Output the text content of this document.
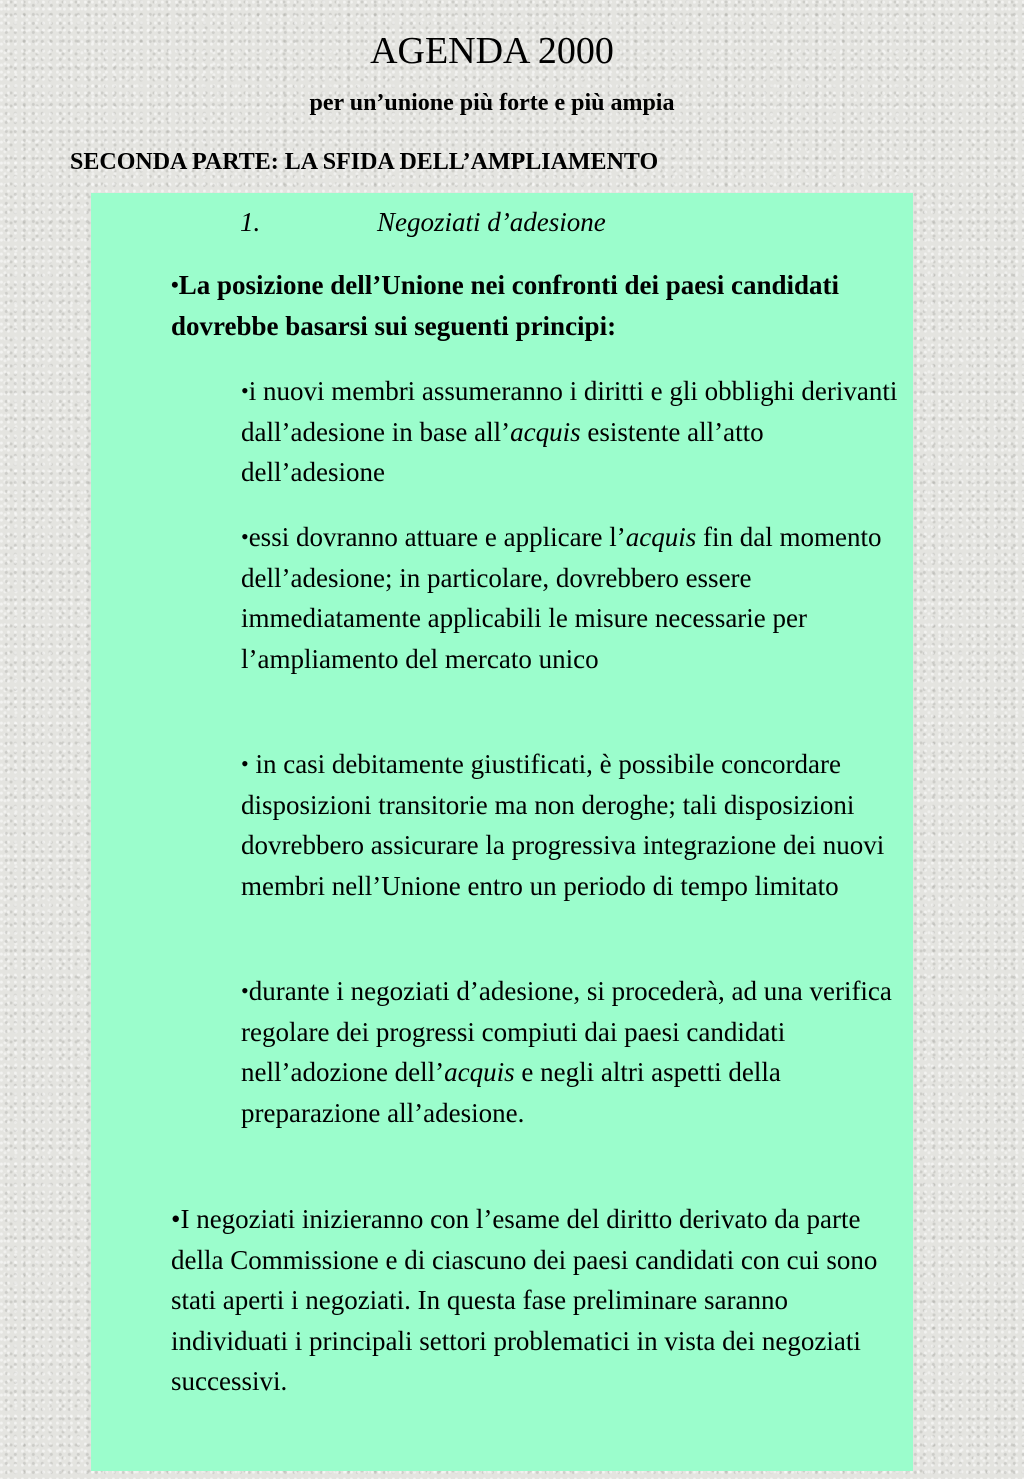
AGENDA 2000

per un’unione più forte e più ampia

SECONDA PARTE: LA SFIDA DELL’AMPLIAMENTO

1.	Negoziati d’adesione

•La posizione dell’Unione nei confronti dei paesi candidati dovrebbe basarsi sui seguenti principi:

•i nuovi membri assumeranno i diritti e gli obblighi derivanti dall’adesione in base all’acquis esistente all’atto dell’adesione

•essi dovranno attuare e applicare l’acquis fin dal momento dell’adesione; in particolare, dovrebbero essere immediatamente applicabili le misure necessarie per l’ampliamento del mercato unico

• in casi debitamente giustificati, è possibile concordare disposizioni transitorie ma non deroghe; tali disposizioni dovrebbero assicurare la progressiva integrazione dei nuovi membri nell’Unione entro un periodo di tempo limitato

•durante i negoziati d’adesione, si procederà, ad una verifica regolare dei progressi compiuti dai paesi candidati nell’adozione dell’acquis e negli altri aspetti della preparazione all’adesione.

•I negoziati inizieranno con l’esame del diritto derivato da parte della Commissione e di ciascuno dei paesi candidati con cui sono stati aperti i negoziati. In questa fase preliminare saranno individuati i principali settori problematici in vista dei negoziati successivi.
